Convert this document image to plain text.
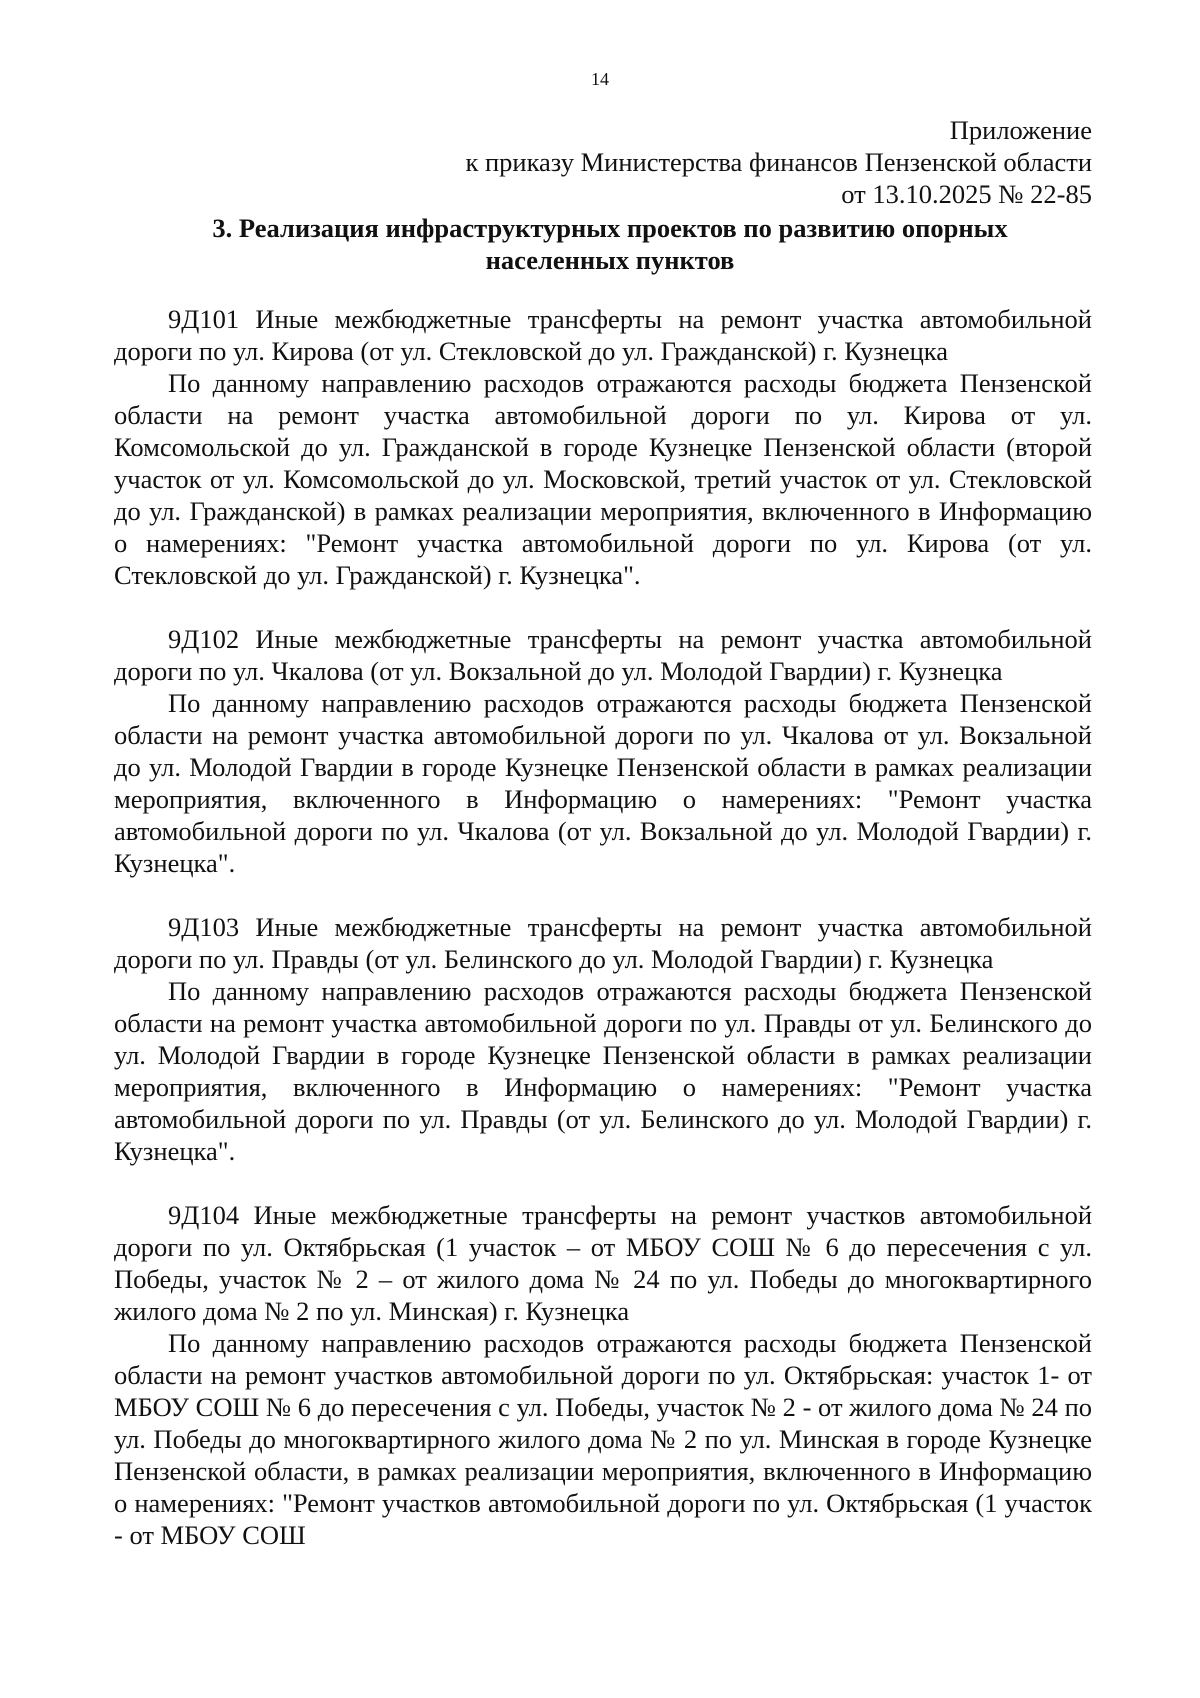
14
Приложение
к приказу Министерства финансов Пензенской области
от 13.10.2025 № 22-85
3. Реализация инфраструктурных проектов по развитию опорных
населенных пунктов

9Д101 Иные межбюджетные трансферты на ремонт участка автомобильной дороги по ул. Кирова (от ул. Стекловской до ул. Гражданской) г. Кузнецка

По данному направлению расходов отражаются расходы бюджета Пензенской области на ремонт участка автомобильной дороги по ул. Кирова от ул. Комсомольской до ул. Гражданской в городе Кузнецке Пензенской области (второй участок от ул. Комсомольской до ул. Московской, третий участок от ул. Стекловской до ул. Гражданской) в рамках реализации мероприятия, включенного в Информацию о намерениях: "Ремонт участка автомобильной дороги по ул. Кирова (от ул. Стекловской до ул. Гражданской) г. Кузнецка".

9Д102 Иные межбюджетные трансферты на ремонт участка автомобильной дороги по ул. Чкалова (от ул. Вокзальной до ул. Молодой Гвардии) г. Кузнецка

По данному направлению расходов отражаются расходы бюджета Пензенской области на ремонт участка автомобильной дороги по ул. Чкалова от ул. Вокзальной до ул. Молодой Гвардии в городе Кузнецке Пензенской области в рамках реализации мероприятия, включенного в Информацию о намерениях: "Ремонт участка автомобильной дороги по ул. Чкалова (от ул. Вокзальной до ул. Молодой Гвардии) г. Кузнецка".

9Д103 Иные межбюджетные трансферты на ремонт участка автомобильной дороги по ул. Правды (от ул. Белинского до ул. Молодой Гвардии) г. Кузнецка

По данному направлению расходов отражаются расходы бюджета Пензенской области на ремонт участка автомобильной дороги по ул. Правды от ул. Белинского до ул. Молодой Гвардии в городе Кузнецке Пензенской области в рамках реализации мероприятия, включенного в Информацию о намерениях: "Ремонт участка автомобильной дороги по ул. Правды (от ул. Белинского до ул. Молодой Гвардии) г. Кузнецка".

9Д104 Иные межбюджетные трансферты на ремонт участков автомобильной дороги по ул. Октябрьская (1 участок – от МБОУ СОШ № 6 до пересечения с ул. Победы, участок № 2 – от жилого дома № 24 по ул. Победы до многоквартирного жилого дома № 2 по ул. Минская) г. Кузнецка

По данному направлению расходов отражаются расходы бюджета Пензенской области на ремонт участков автомобильной дороги по ул. Октябрьская: участок 1- от МБОУ СОШ № 6 до пересечения с ул. Победы, участок № 2 - от жилого дома № 24 по ул. Победы до многоквартирного жилого дома № 2 по ул. Минская в городе Кузнецке Пензенской области, в рамках реализации мероприятия, включенного в Информацию о намерениях: "Ремонт участков автомобильной дороги по ул. Октябрьская (1 участок - от МБОУ СОШ
